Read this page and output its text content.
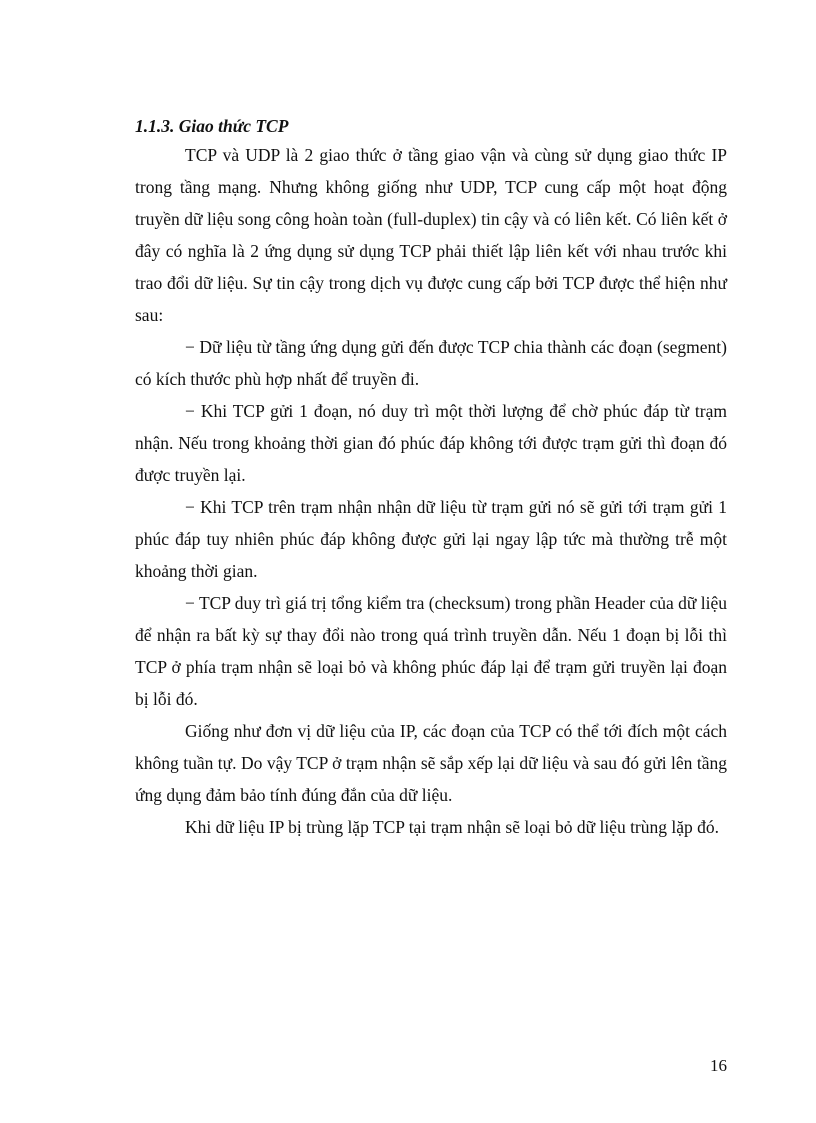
1.1.3. Giao thức TCP

TCP và UDP là 2 giao thức ở tầng giao vận và cùng sử dụng giao thức IP trong tầng mạng. Nhưng không giống như UDP, TCP cung cấp một hoạt động truyền dữ liệu song công hoàn toàn (full-duplex) tin cậy và có liên kết. Có liên kết ở đây có nghĩa là 2 ứng dụng sử dụng TCP phải thiết lập liên kết với nhau trước khi trao đổi dữ liệu. Sự tin cậy trong dịch vụ được cung cấp bởi TCP được thể hiện như sau:

− Dữ liệu từ tầng ứng dụng gửi đến được TCP chia thành các đoạn (segment) có kích thước phù hợp nhất để truyền đi.

− Khi TCP gửi 1 đoạn, nó duy trì một thời lượng để chờ phúc đáp từ trạm nhận. Nếu trong khoảng thời gian đó phúc đáp không tới được trạm gửi thì đoạn đó được truyền lại.

− Khi TCP trên trạm nhận nhận dữ liệu từ trạm gửi nó sẽ gửi tới trạm gửi 1 phúc đáp tuy nhiên phúc đáp không được gửi lại ngay lập tức mà thường trễ một khoảng thời gian.

− TCP duy trì giá trị tổng kiểm tra (checksum) trong phần Header của dữ liệu để nhận ra bất kỳ sự thay đổi nào trong quá trình truyền dẫn. Nếu 1 đoạn bị lỗi thì TCP ở phía trạm nhận sẽ loại bỏ và không phúc đáp lại để trạm gửi truyền lại đoạn bị lỗi đó.

Giống như đơn vị dữ liệu của IP, các đoạn của TCP có thể tới đích một cách không tuần tự. Do vậy TCP ở trạm nhận sẽ sắp xếp lại dữ liệu và sau đó gửi lên tầng ứng dụng đảm bảo tính đúng đắn của dữ liệu.

Khi dữ liệu IP bị trùng lặp TCP tại trạm nhận sẽ loại bỏ dữ liệu trùng lặp đó.

16
